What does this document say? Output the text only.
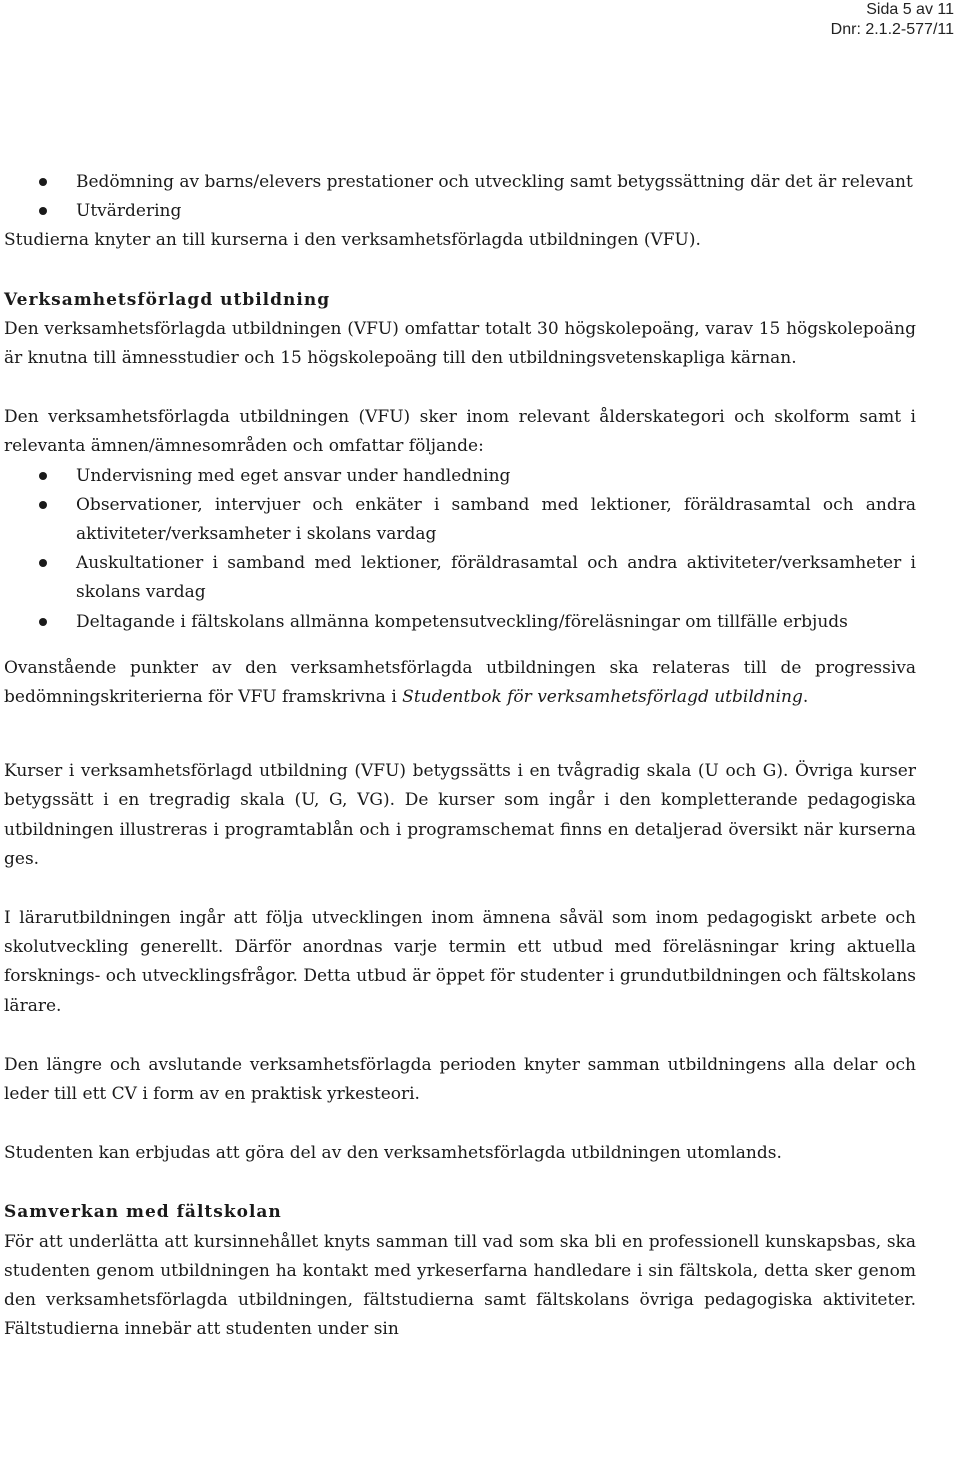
Sida 5 av 11
Dnr: 2.1.2-577/11
Bedömning av barns/elevers prestationer och utveckling samt betygssättning där det är relevant
Utvärdering

Studierna knyter an till kurserna i den verksamhetsförlagda utbildningen (VFU).

Verksamhetsförlagd utbildning

Den verksamhetsförlagda utbildningen (VFU) omfattar totalt 30 högskolepoäng, varav 15 högskolepoäng är knutna till ämnesstudier och 15 högskolepoäng till den utbildningsvetenskapliga kärnan.

Den verksamhetsförlagda utbildningen (VFU) sker inom relevant ålderskategori och skolform samt i relevanta ämnen/ämnesområden och omfattar följande:

Undervisning med eget ansvar under handledning
Observationer, intervjuer och enkäter i samband med lektioner, föräldrasamtal och andra aktiviteter/verksamheter i skolans vardag
Auskultationer i samband med lektioner, föräldrasamtal och andra aktiviteter/verksamheter i skolans vardag
Deltagande i fältskolans allmänna kompetensutveckling/föreläsningar om tillfälle erbjuds

Ovanstående punkter av den verksamhetsförlagda utbildningen ska relateras till de progressiva bedömningskriterierna för VFU framskrivna i Studentbok för verksamhetsförlagd utbildning.

Kurser i verksamhetsförlagd utbildning (VFU) betygssätts i en tvågradig skala (U och G). Övriga kurser betygssätt i en tregradig skala (U, G, VG). De kurser som ingår i den kompletterande pedagogiska utbildningen illustreras i programtablån och i programschemat finns en detaljerad översikt när kurserna ges.

I lärarutbildningen ingår att följa utvecklingen inom ämnena såväl som inom pedagogiskt arbete och skolutveckling generellt. Därför anordnas varje termin ett utbud med föreläsningar kring aktuella forsknings- och utvecklingsfrågor. Detta utbud är öppet för studenter i grundutbildningen och fältskolans lärare.

Den längre och avslutande verksamhetsförlagda perioden knyter samman utbildningens alla delar och leder till ett CV i form av en praktisk yrkesteori.

Studenten kan erbjudas att göra del av den verksamhetsförlagda utbildningen utomlands.

Samverkan med fältskolan

För att underlätta att kursinnehållet knyts samman till vad som ska bli en professionell kunskapsbas, ska studenten genom utbildningen ha kontakt med yrkeserfarna handledare i sin fältskola, detta sker genom den verksamhetsförlagda utbildningen, fältstudierna samt fältskolans övriga pedagogiska aktiviteter. Fältstudierna innebär att studenten under sin
